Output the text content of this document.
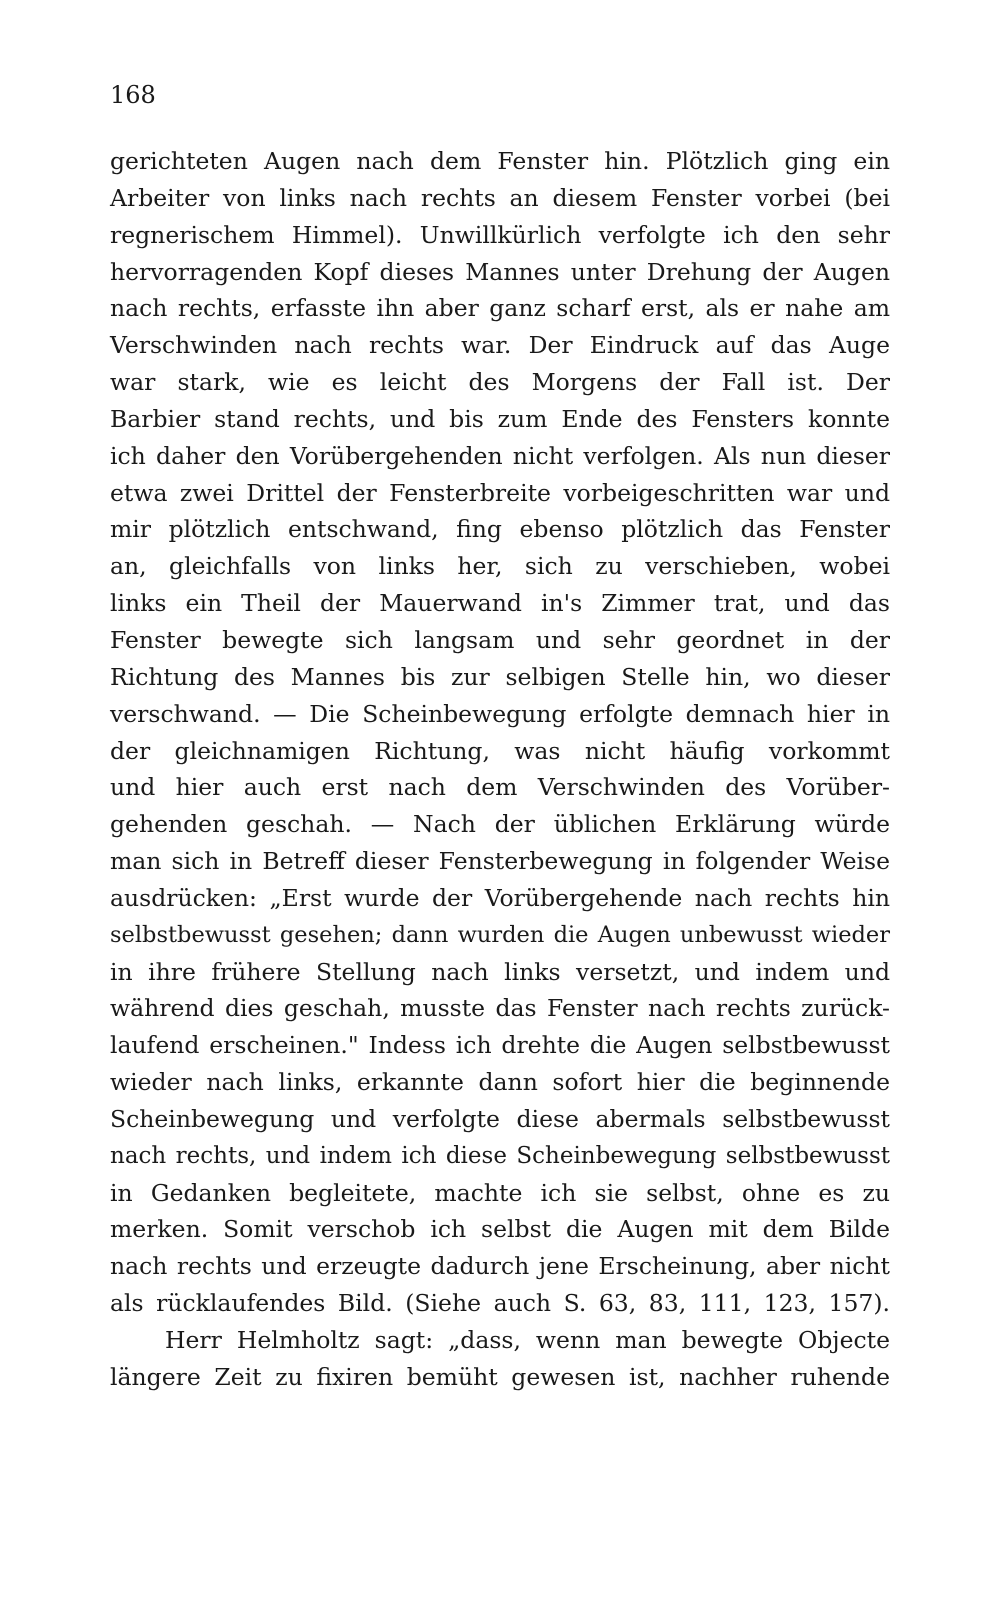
168
gerichteten Augen nach dem Fenster hin. Plötzlich ging ein
Arbeiter von links nach rechts an diesem Fenster vorbei (bei
regnerischem Himmel). Unwillkürlich verfolgte ich den sehr
hervorragenden Kopf dieses Mannes unter Drehung der Augen
nach rechts, erfasste ihn aber ganz scharf erst, als er nahe am
Verschwinden nach rechts war. Der Eindruck auf das Auge
war stark, wie es leicht des Morgens der Fall ist. Der
Barbier stand rechts, und bis zum Ende des Fensters konnte
ich daher den Vorübergehenden nicht verfolgen. Als nun dieser
etwa zwei Drittel der Fensterbreite vorbeigeschritten war und
mir plötzlich entschwand, fing ebenso plötzlich das Fenster
an, gleichfalls von links her, sich zu verschieben, wobei
links ein Theil der Mauerwand in's Zimmer trat, und das
Fenster bewegte sich langsam und sehr geordnet in der
Richtung des Mannes bis zur selbigen Stelle hin, wo dieser
verschwand. — Die Scheinbewegung erfolgte demnach hier in
der gleichnamigen Richtung, was nicht häufig vorkommt
und hier auch erst nach dem Verschwinden des Vorüber-
gehenden geschah. — Nach der üblichen Erklärung würde
man sich in Betreff dieser Fensterbewegung in folgender Weise
ausdrücken: „Erst wurde der Vorübergehende nach rechts hin
selbstbewusst gesehen; dann wurden die Augen unbewusst wieder
in ihre frühere Stellung nach links versetzt, und indem und
während dies geschah, musste das Fenster nach rechts zurück-
laufend erscheinen." Indess ich drehte die Augen selbstbewusst
wieder nach links, erkannte dann sofort hier die beginnende
Scheinbewegung und verfolgte diese abermals selbstbewusst
nach rechts, und indem ich diese Scheinbewegung selbstbewusst
in Gedanken begleitete, machte ich sie selbst, ohne es zu
merken. Somit verschob ich selbst die Augen mit dem Bilde
nach rechts und erzeugte dadurch jene Erscheinung, aber nicht
als rücklaufendes Bild. (Siehe auch S. 63, 83, 111, 123, 157).
Herr Helmholtz sagt: „dass, wenn man bewegte Objecte
längere Zeit zu fixiren bemüht gewesen ist, nachher ruhende
